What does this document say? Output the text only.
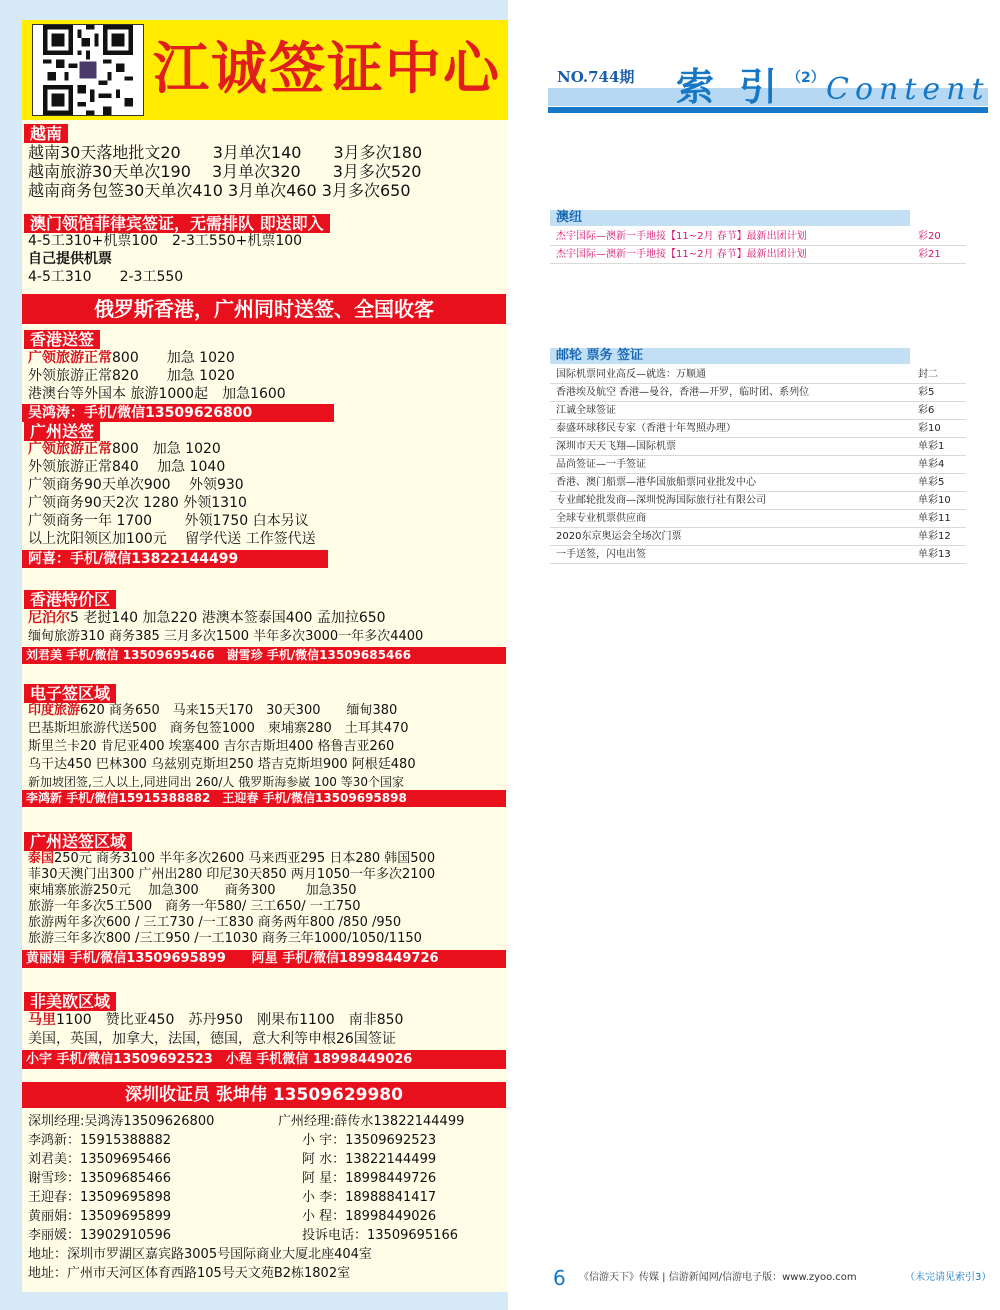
江诚签证中心
越南
越南30天落地批文20　　3月单次140　　3月多次180
越南旅游30天单次190　 3月单次320　　3月多次520
越南商务包签30天单次410 3月单次460 3月多次650
澳门领馆菲律宾签证，无需排队 即送即入
4-5工310+机票100　2-3工550+机票100
自己提供机票
4-5工310　　2-3工550
俄罗斯香港，广州同时送签、全国收客
香港送签
广领旅游正常800　　加急 1020
外领旅游正常820　　加急 1020
港澳台等外国本 旅游1000起　加急1600
吴鸿涛：手机/微信13509626800
广州送签
广领旅游正常800　加急 1020
外领旅游正常840　 加急 1040
广领商务90天单次900　 外领930
广领商务90天2次 1280 外领1310
广领商务一年 1700　　 外领1750 白本另议
以上沈阳领区加100元　 留学代送 工作签代送
阿喜：手机/微信13822144499
香港特价区
尼泊尔5 老挝140 加急220 港澳本签泰国400 孟加拉650
缅甸旅游310 商务385 三月多次1500 半年多次3000一年多次4400
刘君美 手机/微信 13509695466　谢雪珍 手机/微信13509685466
电子签区域
印度旅游620 商务650　马来15天170　30天300　　缅甸380
巴基斯坦旅游代送500　商务包签1000　柬埔寨280　土耳其470
斯里兰卡20 肯尼亚400 埃塞400 吉尔吉斯坦400 格鲁吉亚260
乌干达450 巴林300 乌兹别克斯坦250 塔吉克斯坦900 阿根廷480
新加坡团签,三人以上,同进同出 260/人 俄罗斯海参崴 100 等30个国家
李鸿新 手机/微信15915388882　王迎春 手机/微信13509695898
广州送签区域
泰国250元 商务3100 半年多次2600 马来西亚295 日本280 韩国500
菲30天澳门出300 广州出280 印尼30天850 两月1050一年多次2100
柬埔寨旅游250元　 加急300　　商务300　　 加急350
旅游一年多次5工500　商务一年580/ 三工650/ 一工750
旅游两年多次600 / 三工730 /一工830 商务两年800 /850 /950
旅游三年多次800 /三工950 /一工1030 商务三年1000/1050/1150
黄丽娟 手机/微信13509695899　　阿星 手机/微信18998449726
非美欧区域
马里1100　赞比亚450　苏丹950　刚果布1100　南非850
美国，英国，加拿大，法国，德国，意大利等申根26国签证
小宇 手机/微信13509692523　小程 手机微信 18998449026
深圳收证员 张坤伟 13509629980
深圳经理:吴鸿涛13509626800	广州经理:薛传水13822144499
李鸿新：15915388882	小 宇：13509692523
刘君美：13509695466	阿 水：13822144499
谢雪珍：13509685466	阿 星：18998449726
王迎春：13509695898	小 李：18988841417
黄丽娟：13509695899	小 程：18998449026
李丽媛：13902910596	投诉电话：13509695166
地址：深圳市罗湖区嘉宾路3005号国际商业大厦北座404室
地址：广州市天河区体育西路105号天文苑B2栋1802室
NO.744期 索 引 （2） Content
澳纽
杰宇国际—澳新一手地接【11~2月 春节】最新出团计划	彩20
杰宇国际—澳新一手地接【11~2月 春节】最新出团计划	彩21
邮轮 票务 签证
国际机票同业高反—就选：万顺通	封二
香港埃及航空 香港—曼谷，香港—开罗，临时团、系列位	彩5
江诚全球签证	彩6
泰盛环球移民专家（香港十年驾照办理）	彩10
深圳市天天飞翔—国际机票	单彩1
品尚签证—一手签证	单彩4
香港、澳门船票—港华国旅船票同业批发中心	单彩5
专业邮轮批发商—深圳悦海国际旅行社有限公司	单彩10
全球专业机票供应商	单彩11
2020东京奥运会全场次门票	单彩12
一手送签，闪电出签	单彩13
6 《信游天下》传媒 | 信游新闻网/信游电子版：www.zyoo.com	（未完请见索引3）
